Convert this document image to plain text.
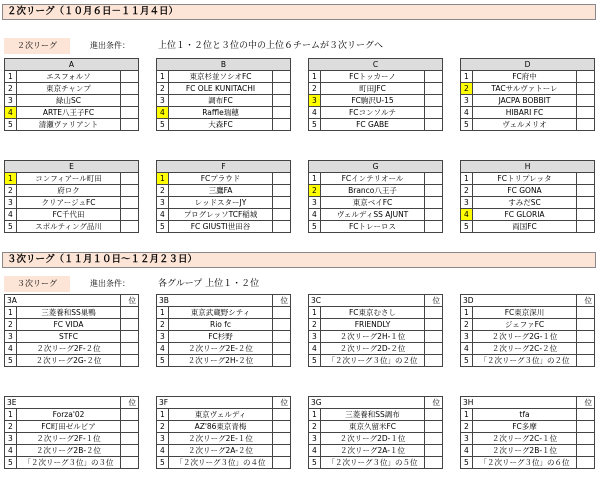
２次リーグ（１０月６日－１１月４日）
２次リーグ	進出条件：	上位１・２位と３位の中の上位６チームが３次リーグへ
A		
1	エスフォルソ	
2	東京チャンプ	
3	緑山SC	
4	ARTE八王子FC	
5	清瀬ヴァリアント	
B		
1	東京杉並ソシオFC	
2	FC OLE KUNITACHI	
3	調布FC	
4	Raffle瑞穂	
5	大森FC	
C		
1	FCトッカーノ	
2	町田JFC	
3	FC駒沢U-15	
4	FCコンソルテ	
5	FC GABE	
D		
1	FC府中	
2	TACサルヴァトーレ	
3	JACPA BOBBIT	
4	HIBARI FC	
5	ヴェルメリオ	
E		
1	コンフィアール町田	
2	府ロク	
3	クリアージュFC	
4	FC千代田	
5	スポルティング品川	
F		
1	FCプラウド	
2	三鷹FA	
3	レッドスターJY	
4	プログレッソTCF稲城	
5	FC GIUSTI世田谷	
G		
1	FCインテリオール	
2	Branco八王子	
3	東京ベイFC	
4	ヴェルディSS AJUNT	
5	FCトレーロス	
H		
1	FCトリプレッタ	
2	FC GONA	
3	すみだSC	
4	FC GLORIA	
5	両国FC	
３次リーグ（１１月１０日〜１２月２３日）
３次リーグ	進出条件：	各グループ 上位１・２位
3A		位
1	三菱養和SS巣鴨	
2	FC VIDA	
3	STFC	
4	２次リーグ2F-２位	
5	２次リーグ2G-２位	
3B		位
1	東京武蔵野シティ	
2	Rio fc	
3	FC杉野	
4	２次リーグ2E-２位	
5	２次リーグ2H-２位	
3C		位
1	FC東京むさし	
2	FRIENDLY	
3	２次リーグ2H-１位	
4	２次リーグ2D-２位	
5	「２次リーグ３位」の２位	
3D		位
1	FC東京深川	
2	ジェファFC	
3	２次リーグ2G-１位	
4	２次リーグ2C-２位	
5	「２次リーグ３位」の２位	
3E		位
1	Forza'02	
2	FC町田ゼルビア	
3	２次リーグ2F-１位	
4	２次リーグ2B-２位	
5	「２次リーグ３位」の３位	
3F		位
1	東京ヴェルディ	
2	AZ'86東京青梅	
3	２次リーグ2E-１位	
4	２次リーグ2A-２位	
5	「２次リーグ３位」の４位	
3G		位
1	三菱養和SS調布	
2	東京久留米FC	
3	２次リーグ2D-１位	
4	２次リーグ2A-１位	
5	「２次リーグ３位」の５位	
3H		位
1	tfa	
2	FC多摩	
3	２次リーグ2C-１位	
4	２次リーグ2B-１位	
5	「２次リーグ３位」の６位	
